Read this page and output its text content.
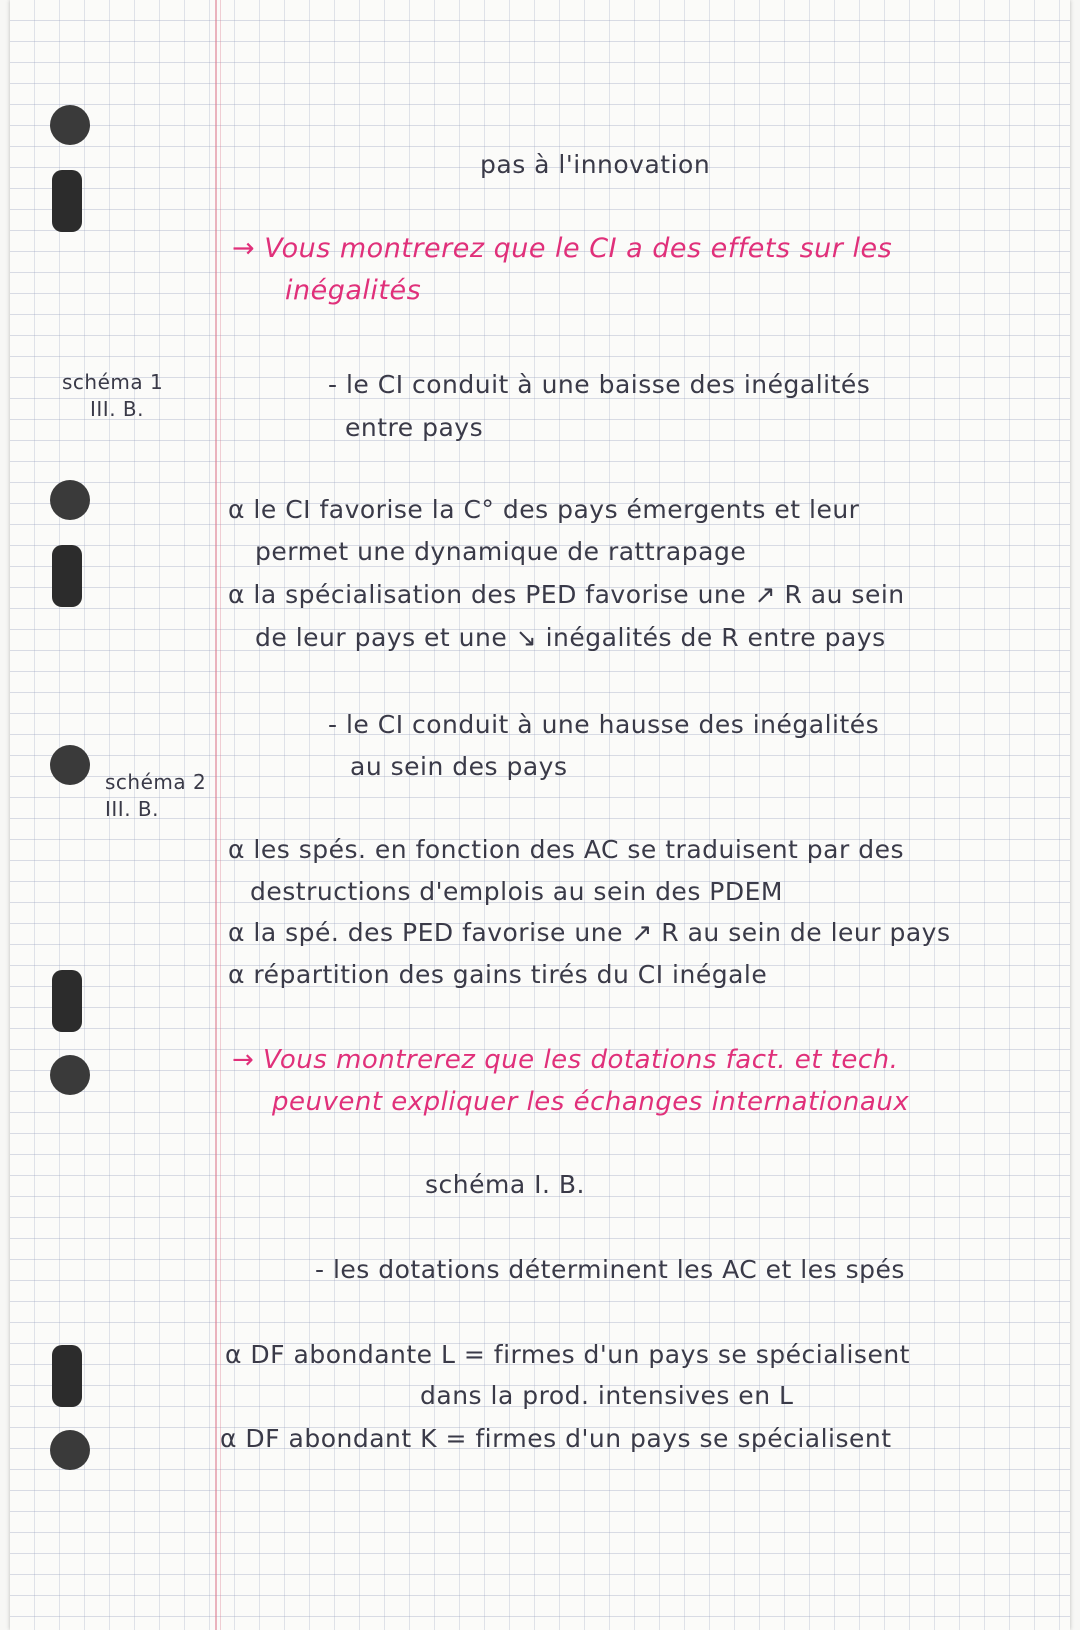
schéma 1
III. B.
schéma 2
III. B.
pas à l'innovation
→ Vous montrerez que le CI a des effets sur les
inégalités
- le CI conduit à une baisse des inégalités
entre pays
⍺ le CI favorise la C° des pays émergents et leur
permet une dynamique de rattrapage
⍺ la spécialisation des PED favorise une ↗ R au sein
de leur pays et une ↘ inégalités de R entre pays
- le CI conduit à une hausse des inégalités
au sein des pays
⍺ les spés. en fonction des AC se traduisent par des
destructions d'emplois au sein des PDEM
⍺ la spé. des PED favorise une ↗ R au sein de leur pays
⍺ répartition des gains tirés du CI inégale
→ Vous montrerez que les dotations fact. et tech.
peuvent expliquer les échanges internationaux
schéma I. B.
- les dotations déterminent les AC et les spés
⍺ DF abondante L = firmes d'un pays se spécialisent
dans la prod. intensives en L
⍺ DF abondant K = firmes d'un pays se spécialisent
